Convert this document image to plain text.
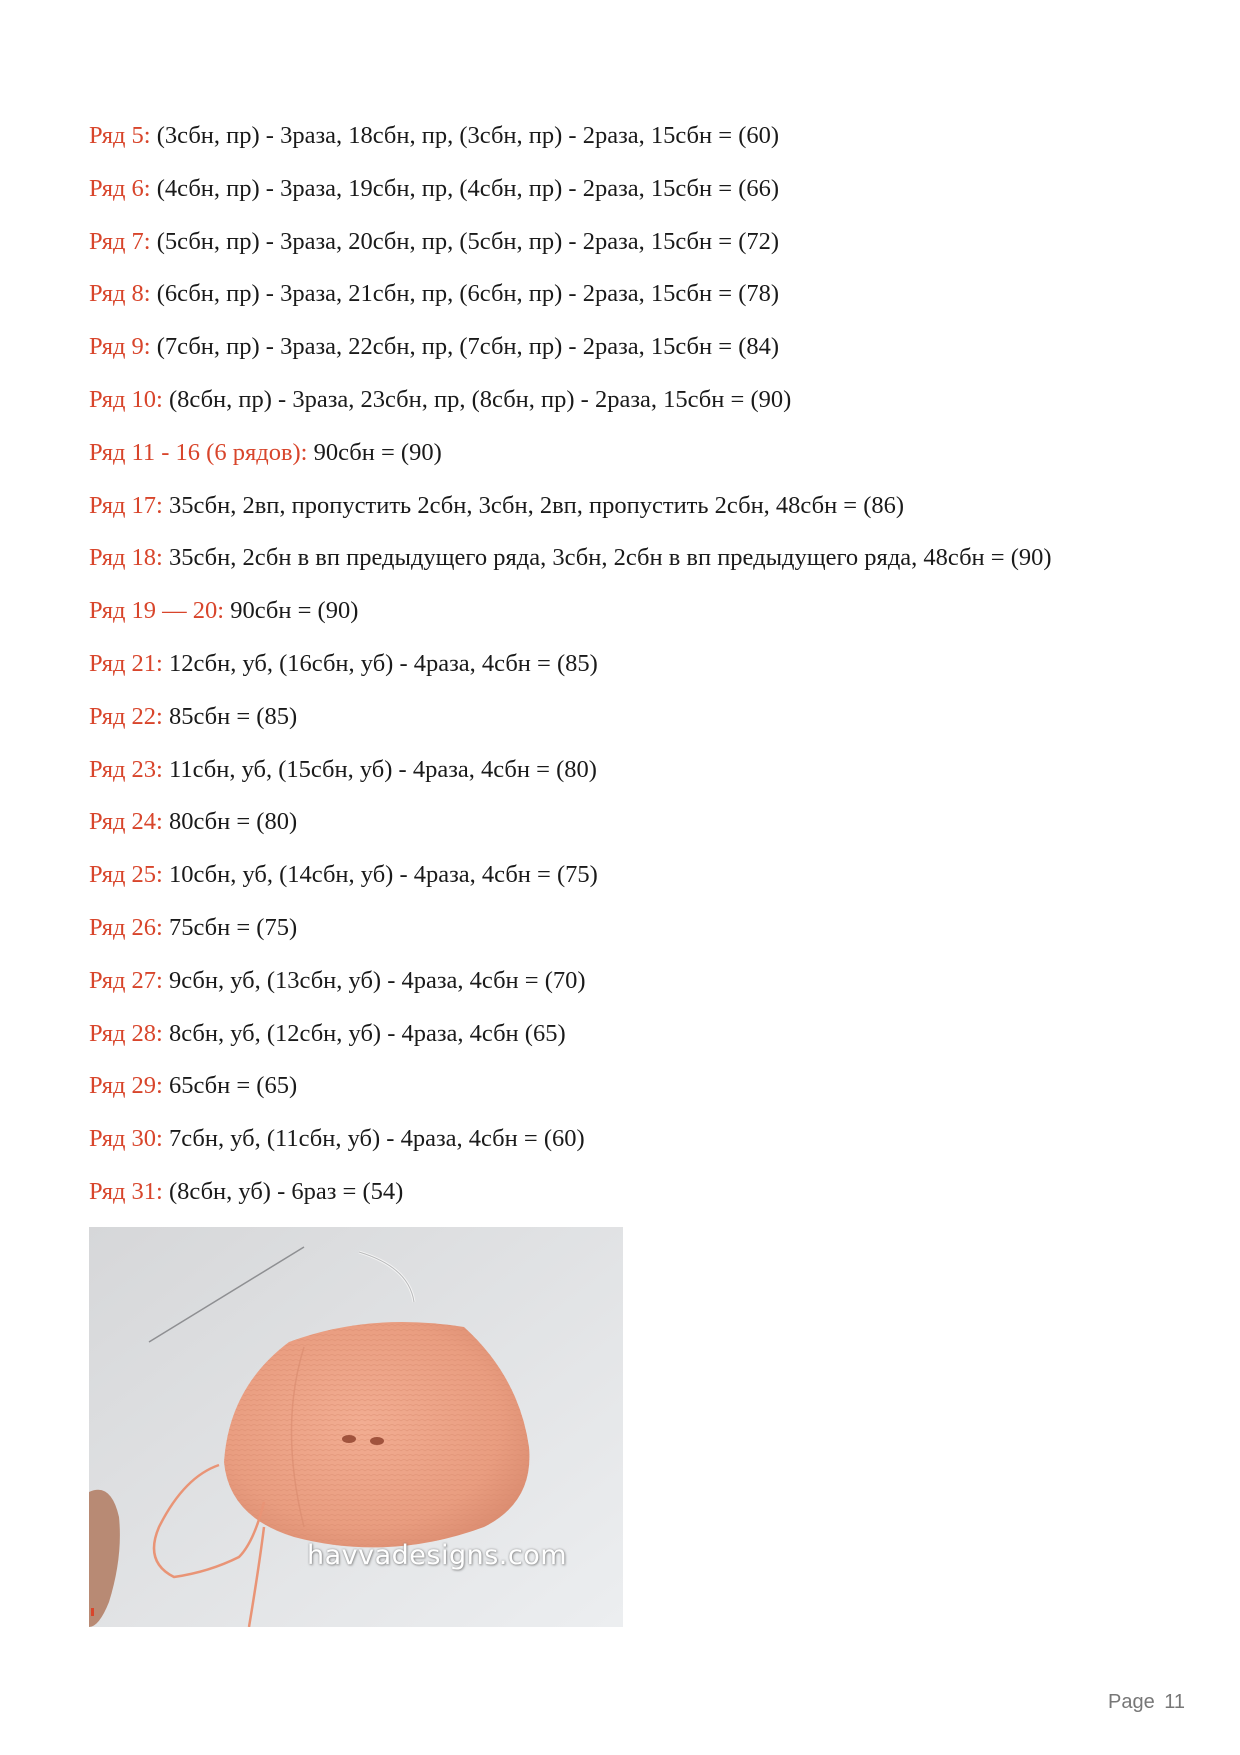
Ряд 5: (3сбн, пр) - 3раза, 18сбн, пр, (3сбн, пр) - 2раза, 15сбн = (60)
Ряд 6: (4сбн, пр) - 3раза, 19сбн, пр, (4сбн, пр) - 2раза, 15сбн = (66)
Ряд 7: (5сбн, пр) - 3раза, 20сбн, пр, (5сбн, пр) - 2раза, 15сбн = (72)
Ряд 8: (6сбн, пр) - 3раза, 21сбн, пр, (6сбн, пр) - 2раза, 15сбн = (78)
Ряд 9: (7сбн, пр) - 3раза, 22сбн, пр, (7сбн, пр) - 2раза, 15сбн = (84)
Ряд 10: (8сбн, пр) - 3раза, 23сбн, пр, (8сбн, пр) - 2раза, 15сбн = (90)
Ряд 11 - 16 (6 рядов): 90сбн = (90)
Ряд 17: 35сбн, 2вп, пропустить 2сбн, 3сбн, 2вп, пропустить 2сбн, 48сбн = (86)
Ряд 18: 35сбн, 2сбн в вп предыдущего ряда, 3сбн, 2сбн в вп предыдущего ряда, 48сбн = (90)
Ряд 19 — 20: 90сбн = (90)
Ряд 21: 12сбн, уб, (16сбн, уб) - 4раза, 4сбн = (85)
Ряд 22: 85сбн = (85)
Ряд 23: 11сбн, уб, (15сбн, уб) - 4раза, 4сбн = (80)
Ряд 24: 80сбн = (80)
Ряд 25: 10сбн, уб, (14сбн, уб) - 4раза, 4сбн = (75)
Ряд 26: 75сбн = (75)
Ряд 27: 9сбн, уб, (13сбн, уб) - 4раза, 4сбн = (70)
Ряд 28: 8сбн, уб, (12сбн, уб) - 4раза, 4сбн (65)
Ряд 29: 65сбн = (65)
Ряд 30: 7сбн, уб, (11сбн, уб) - 4раза, 4сбн = (60)
Ряд 31: (8сбн, уб) - 6раз = (54)
havvadesigns.com
Page 11
